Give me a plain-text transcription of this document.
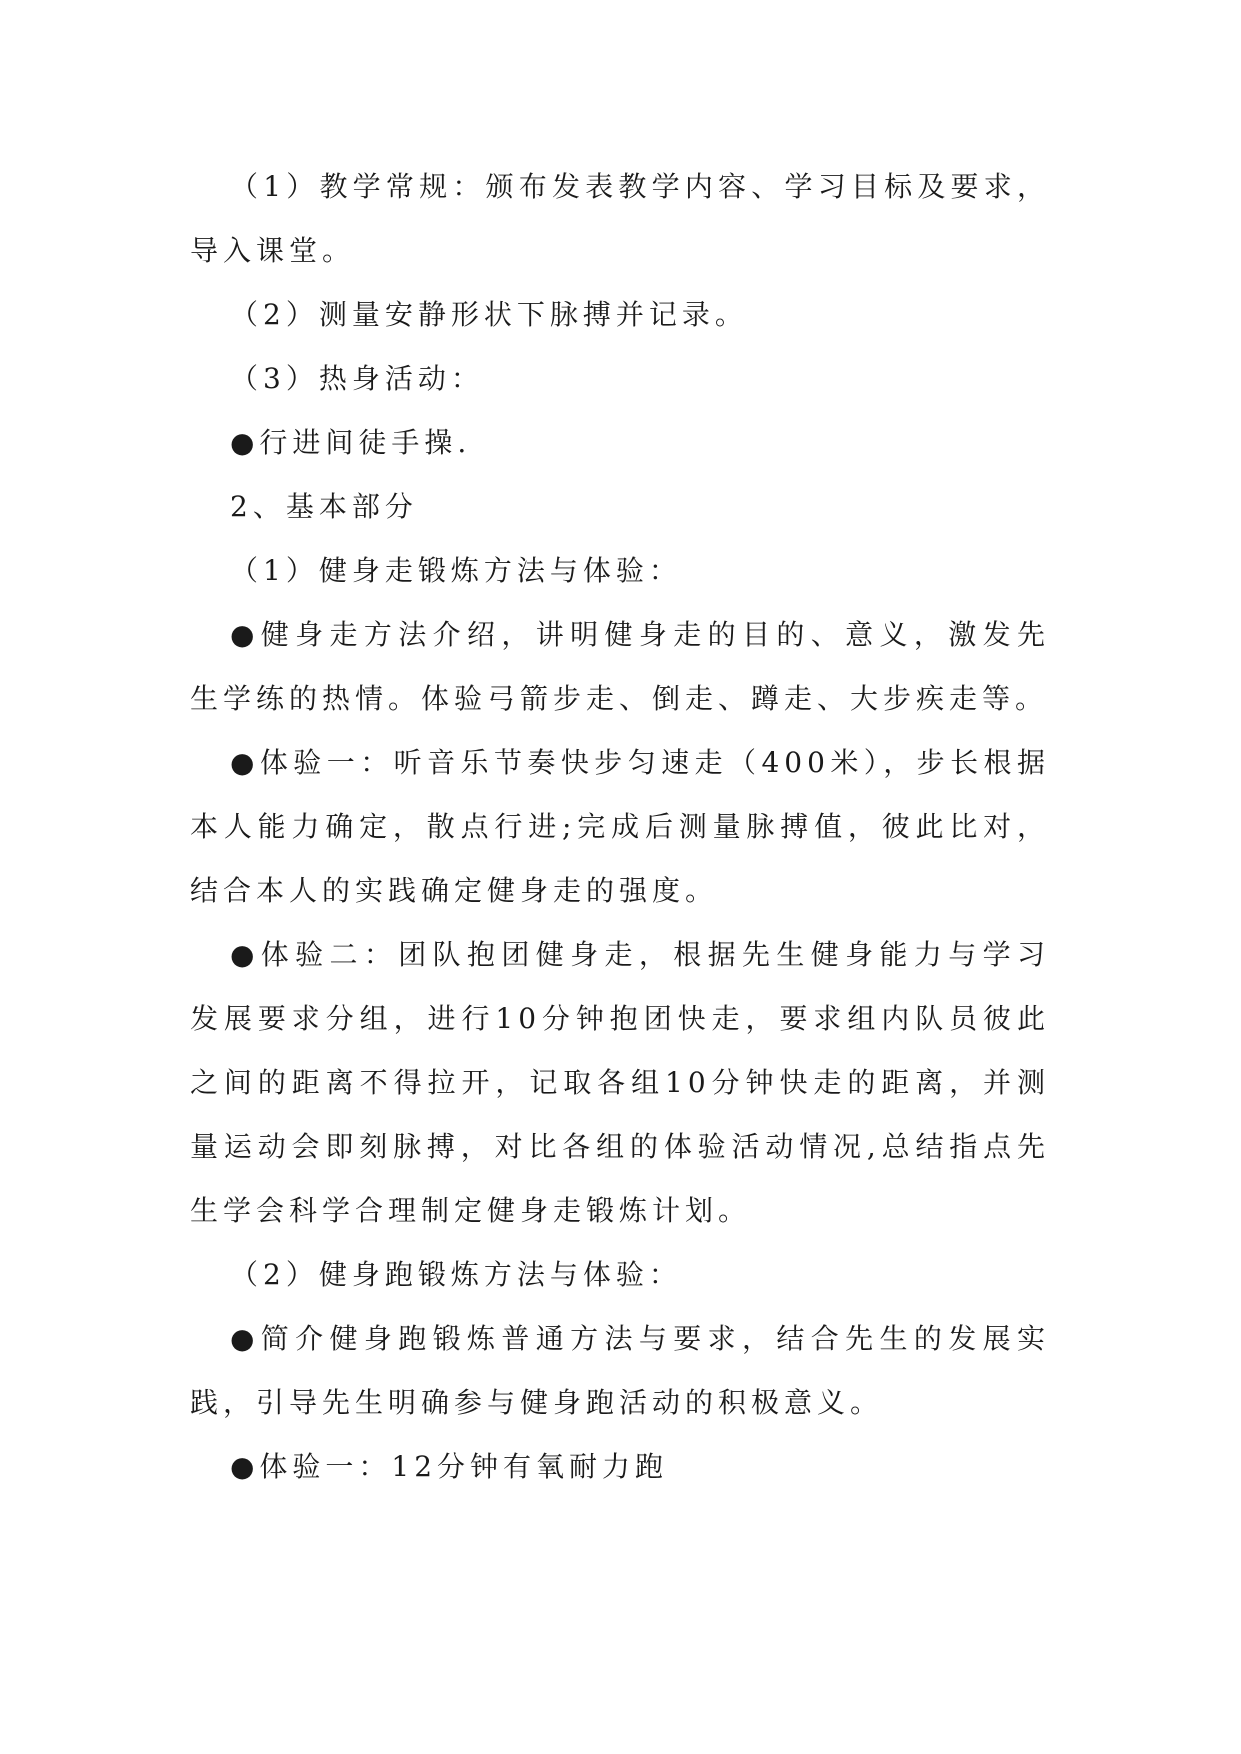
（1）教学常规：颁布发表教学内容、学习目标及要求，导入课堂。

（2）测量安静形状下脉搏并记录。

（3）热身活动：

●行进间徒手操.

2、基本部分

（1）健身走锻炼方法与体验：

●健身走方法介绍，讲明健身走的目的、意义，激发先生学练的热情。体验弓箭步走、倒走、蹲走、大步疾走等。

●体验一：听音乐节奏快步匀速走（400米），步长根据本人能力确定，散点行进;完成后测量脉搏值，彼此比对，结合本人的实践确定健身走的强度。

●体验二：团队抱团健身走，根据先生健身能力与学习发展要求分组，进行10分钟抱团快走，要求组内队员彼此之间的距离不得拉开，记取各组10分钟快走的距离，并测量运动会即刻脉搏，对比各组的体验活动情况,总结指点先生学会科学合理制定健身走锻炼计划。

（2）健身跑锻炼方法与体验：

●简介健身跑锻炼普通方法与要求，结合先生的发展实践，引导先生明确参与健身跑活动的积极意义。

●体验一：12分钟有氧耐力跑
